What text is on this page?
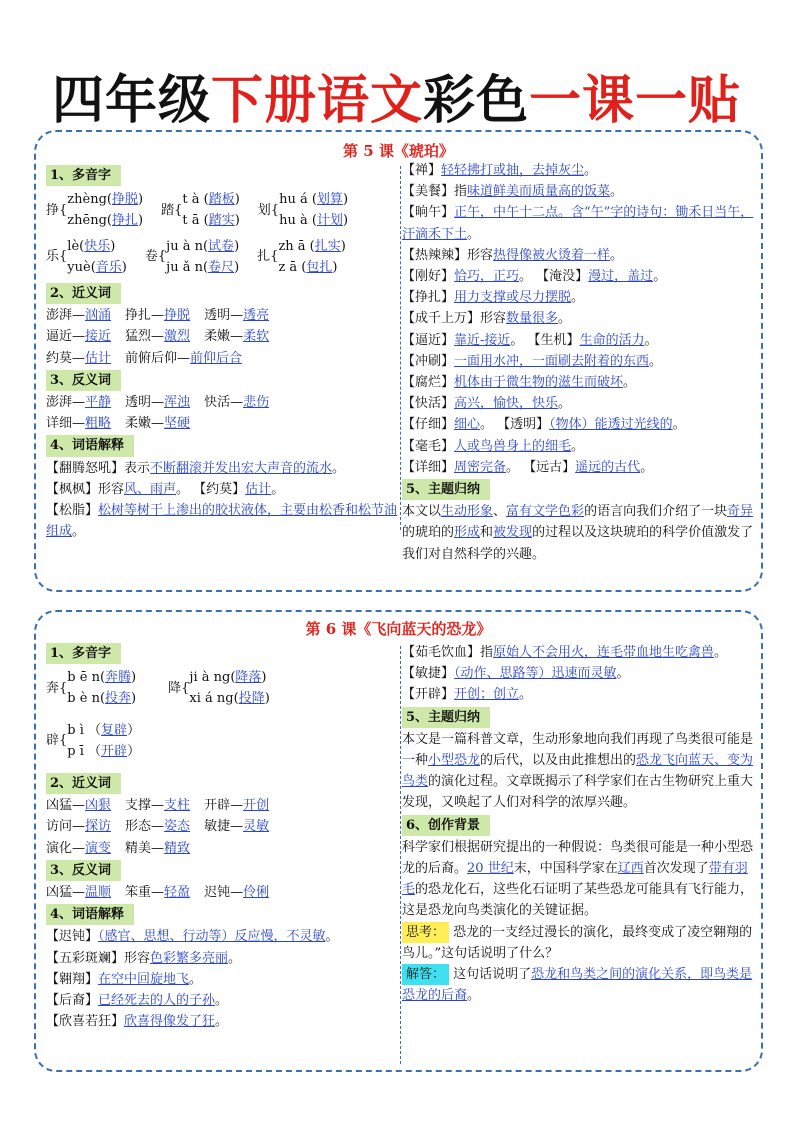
四年级下册语文彩色一课一贴
第 5 课《琥珀》
1、多音字
挣 {
zhèng(挣脱)
zhēng(挣扎)
踏 {
t à (踏板)
t ā (踏实)
划 {
hu á (划算)
hu à (计划)
乐 {
lè(快乐)
yuè(音乐)
卷 {
ju à n(试卷)
ju ǎ n(卷尺)
扎 {
zh ā (扎实)
z ā (包扎)
2、近义词
澎湃—汹涌 挣扎—挣脱 透明—透亮
逼近—接近 猛烈—激烈 柔嫩—柔软
约莫—估计 前俯后仰—前仰后合
3、反义词
澎湃—平静 透明—浑浊 快活—悲伤
详细—粗略 柔嫩—坚硬
4、词语解释
【翻腾怒吼】表示不断翻滚并发出宏大声音的流水。
【枫枫】形容风、雨声。 【约莫】估计。
【松脂】松树等树干上渗出的胶状液体，主要由松香和松节油组成。
【禅】轻轻拂打或抽，去掉灰尘。
【美餐】指味道鲜美而质量高的饭菜。
【晌午】正午，中午十二点。含“午”字的诗句：锄禾日当午，汗滴禾下土。
【热辣辣】形容热得像被火烫着一样。
【刚好】恰巧，正巧。 【淹没】漫过，盖过。
【挣扎】用力支撑或尽力摆脱。
【成千上万】形容数量很多。
【逼近】靠近-接近。 【生机】生命的活力。
【冲刷】一面用水冲，一面刷去附着的东西。
【腐烂】机体由于微生物的滋生而破坏。
【快活】高兴，愉快，快乐。
【仔细】细心。 【透明】（物体）能透过光线的。
【毫毛】人或鸟兽身上的细毛。
【详细】周密完备。 【远古】遥远的古代。
5、主题归纳
本文以生动形象、富有文学色彩的语言向我们介绍了一块奇异的琥珀的形成和被发现的过程以及这块琥珀的科学价值激发了我们对自然科学的兴趣。
第 6 课《飞向蓝天的恐龙》
1、多音字
奔 {
b ē n(奔腾)
b è n(投奔)
降 {
ji à ng(降落)
xi á ng(投降)
辟 {
b ì （复辟）
p ī （开辟）
2、近义词
凶猛—凶狠 支撑—支柱 开辟—开创
访问—探访 形态—姿态 敏捷—灵敏
演化—演变 精美—精致
3、反义词
凶猛—温顺 笨重—轻盈 迟钝—伶俐
4、词语解释
【迟钝】（感官、思想、行动等）反应慢，不灵敏。
【五彩斑斓】形容色彩繁多亮丽。
【翱翔】在空中回旋地飞。
【后裔】已经死去的人的子孙。
【欣喜若狂】欣喜得像发了狂。
【茹毛饮血】指原始人不会用火，连毛带血地生吃禽兽。
【敏捷】（动作、思路等）迅速而灵敏。
【开辟】开创；创立。
5、主题归纳
本文是一篇科普文章，生动形象地向我们再现了鸟类很可能是一种小型恐龙的后代，以及由此推想出的恐龙飞向蓝天、变为鸟类的演化过程。文章既揭示了科学家们在古生物研究上重大发现，又唤起了人们对科学的浓厚兴趣。
6、创作背景
科学家们根据研究提出的一种假说：鸟类很可能是一种小型恐龙的后裔。20 世纪末，中国科学家在辽西首次发现了带有羽毛的恐龙化石，这些化石证明了某些恐龙可能具有飞行能力，这是恐龙向鸟类演化的关键证据。
思考： 恐龙的一支经过漫长的演化，最终变成了凌空翱翔的鸟儿。”这句话说明了什么？
解答： 这句话说明了恐龙和鸟类之间的演化关系，即鸟类是恐龙的后裔。
